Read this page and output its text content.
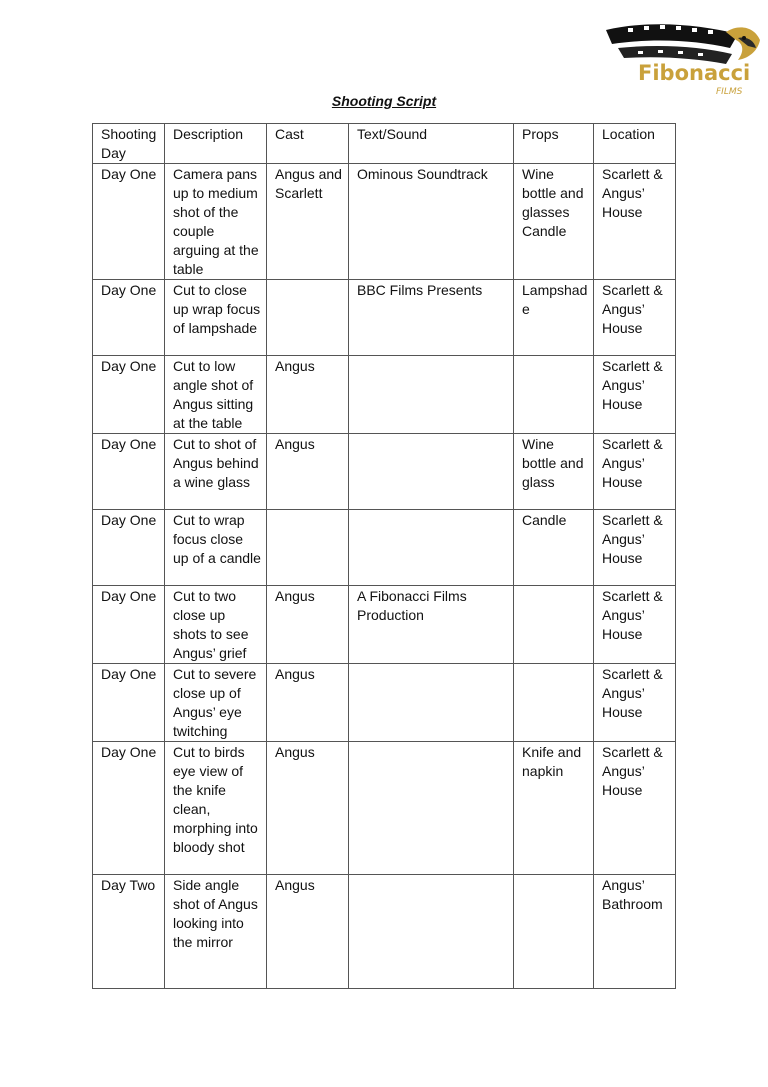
Fibonacci
FILMS
Shooting Script
Shooting Day	Description	Cast	Text/Sound	Props	Location
Day One	Camera pans up to medium shot of the couple arguing at the table	Angus and Scarlett	Ominous Soundtrack	Wine bottle and glasses Candle	Scarlett & Angus’ House
Day One	Cut to close up wrap focus of lampshade		BBC Films Presents	Lampshade	Scarlett & Angus’ House
Day One	Cut to low angle shot of Angus sitting at the table	Angus			Scarlett & Angus’ House
Day One	Cut to shot of Angus behind a wine glass	Angus		Wine bottle and glass	Scarlett & Angus’ House
Day One	Cut to wrap focus close up of a candle			Candle	Scarlett & Angus’ House
Day One	Cut to two close up shots to see Angus’ grief	Angus	A Fibonacci Films Production		Scarlett & Angus’ House
Day One	Cut to severe close up of Angus’ eye twitching	Angus			Scarlett & Angus’ House
Day One	Cut to birds eye view of the knife clean, morphing into bloody shot	Angus		Knife and napkin	Scarlett & Angus’ House
Day Two	Side angle shot of Angus looking into the mirror	Angus			Angus’ Bathroom
